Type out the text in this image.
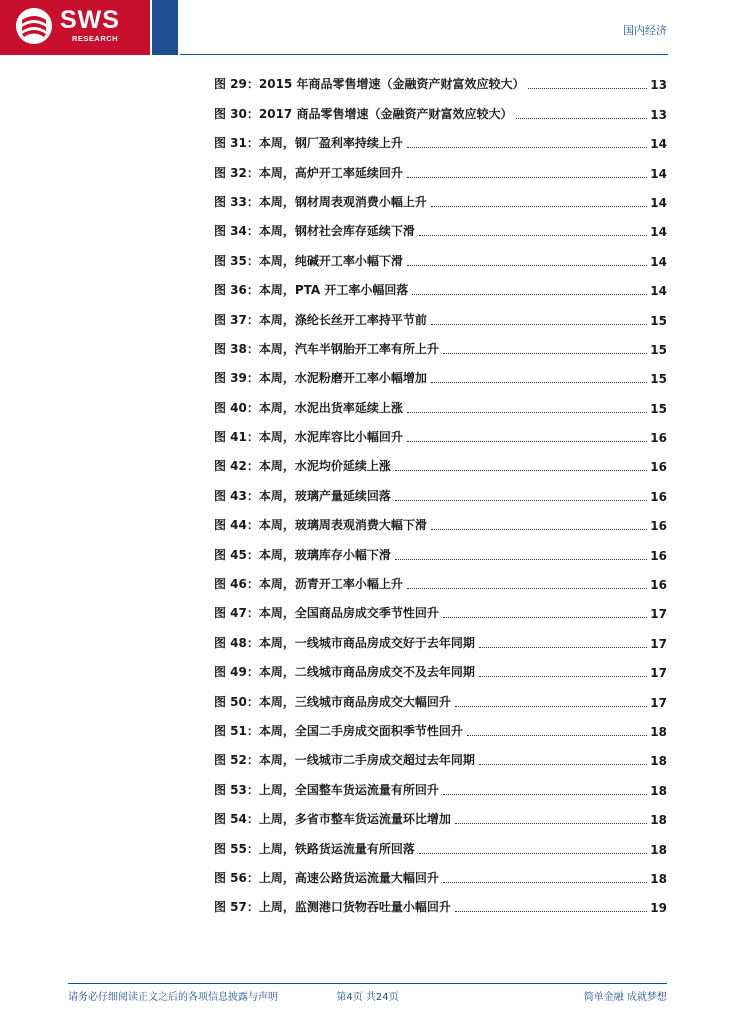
SWS
RESEARCH
国内经济
图 29：2015 年商品零售增速（金融资产财富效应较大）	13
图 30：2017 商品零售增速（金融资产财富效应较大）	13
图 31：本周，钢厂盈利率持续上升	14
图 32：本周，高炉开工率延续回升	14
图 33：本周，钢材周表观消费小幅上升	14
图 34：本周，钢材社会库存延续下滑	14
图 35：本周，纯碱开工率小幅下滑	14
图 36：本周，PTA 开工率小幅回落	14
图 37：本周，涤纶长丝开工率持平节前	15
图 38：本周，汽车半钢胎开工率有所上升	15
图 39：本周，水泥粉磨开工率小幅增加	15
图 40：本周，水泥出货率延续上涨	15
图 41：本周，水泥库容比小幅回升	16
图 42：本周，水泥均价延续上涨	16
图 43：本周，玻璃产量延续回落	16
图 44：本周，玻璃周表观消费大幅下滑	16
图 45：本周，玻璃库存小幅下滑	16
图 46：本周，沥青开工率小幅上升	16
图 47：本周，全国商品房成交季节性回升	17
图 48：本周，一线城市商品房成交好于去年同期	17
图 49：本周，二线城市商品房成交不及去年同期	17
图 50：本周，三线城市商品房成交大幅回升	17
图 51：本周，全国二手房成交面积季节性回升	18
图 52：本周，一线城市二手房成交超过去年同期	18
图 53：上周，全国整车货运流量有所回升	18
图 54：上周，多省市整车货运流量环比增加	18
图 55：上周，铁路货运流量有所回落	18
图 56：上周，高速公路货运流量大幅回升	18
图 57：上周，监测港口货物吞吐量小幅回升	19
请务必仔细阅读正文之后的各项信息披露与声明	第4页 共24页	简单金融 成就梦想
